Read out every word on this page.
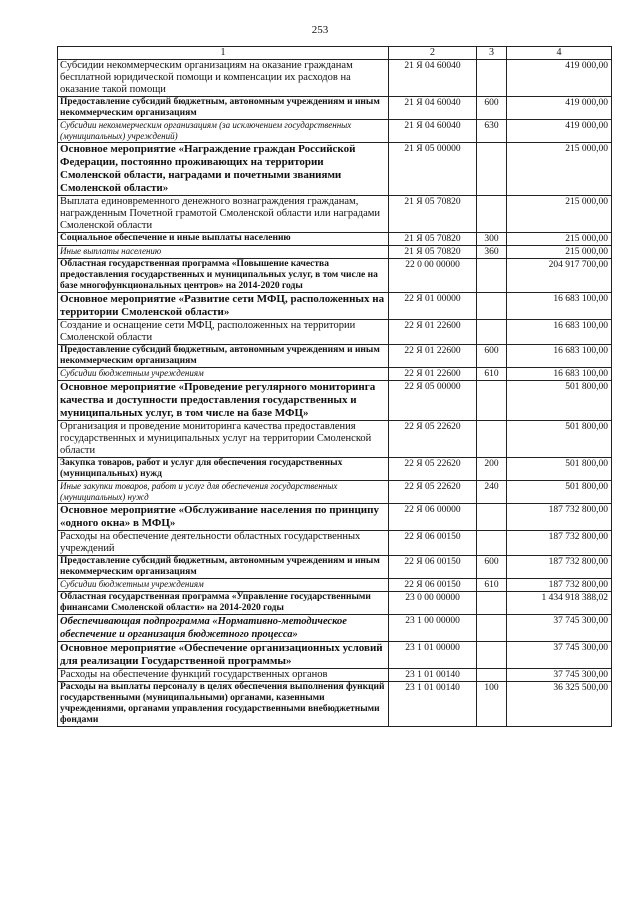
253
1	2	3	4
Субсидии некоммерческим организациям на оказание гражданам бесплатной юридической помощи и компенсации их расходов на оказание такой помощи	21 Я 04 60040		419 000,00
Предоставление субсидий бюджетным, автономным учреждениям и иным некоммерческим организациям	21 Я 04 60040	600	419 000,00
Субсидии некоммерческим организациям (за исключением государственных (муниципальных) учреждений)	21 Я 04 60040	630	419 000,00
Основное мероприятие «Награждение граждан Российской Федерации, постоянно проживающих на территории Смоленской области, наградами и почетными званиями Смоленской области»	21 Я 05 00000		215 000,00
Выплата единовременного денежного вознаграждения гражданам, награжденным Почетной грамотой Смоленской области или наградами Смоленской области	21 Я 05 70820		215 000,00
Социальное обеспечение и иные выплаты населению	21 Я 05 70820	300	215 000,00
Иные выплаты населению	21 Я 05 70820	360	215 000,00
Областная государственная программа «Повышение качества предоставления государственных и муниципальных услуг, в том числе на базе многофункциональных центров» на 2014-2020 годы	22 0 00 00000		204 917 700,00
Основное мероприятие «Развитие сети МФЦ, расположенных на территории Смоленской области»	22 Я 01 00000		16 683 100,00
Создание и оснащение сети МФЦ, расположенных на территории Смоленской области	22 Я 01 22600		16 683 100,00
Предоставление субсидий бюджетным, автономным учреждениям и иным некоммерческим организациям	22 Я 01 22600	600	16 683 100,00
Субсидии бюджетным учреждениям	22 Я 01 22600	610	16 683 100,00
Основное мероприятие «Проведение регулярного мониторинга качества и доступности предоставления государственных и муниципальных услуг, в том числе на базе МФЦ»	22 Я 05 00000		501 800,00
Организация и проведение мониторинга качества предоставления государственных и муниципальных услуг на территории Смоленской области	22 Я 05 22620		501 800,00
Закупка товаров, работ и услуг для обеспечения государственных (муниципальных) нужд	22 Я 05 22620	200	501 800,00
Иные закупки товаров, работ и услуг для обеспечения государственных (муниципальных) нужд	22 Я 05 22620	240	501 800,00
Основное мероприятие «Обслуживание населения по принципу «одного окна» в МФЦ»	22 Я 06 00000		187 732 800,00
Расходы на обеспечение деятельности областных государственных учреждений	22 Я 06 00150		187 732 800,00
Предоставление субсидий бюджетным, автономным учреждениям и иным некоммерческим организациям	22 Я 06 00150	600	187 732 800,00
Субсидии бюджетным учреждениям	22 Я 06 00150	610	187 732 800,00
Областная государственная программа «Управление государственными финансами Смоленской области» на 2014-2020 годы	23 0 00 00000		1 434 918 388,02
Обеспечивающая подпрограмма «Нормативно-методическое обеспечение и организация бюджетного процесса»	23 1 00 00000		37 745 300,00
Основное мероприятие «Обеспечение организационных условий для реализации Государственной программы»	23 1 01 00000		37 745 300,00
Расходы на обеспечение функций государственных органов	23 1 01 00140		37 745 300,00
Расходы на выплаты персоналу в целях обеспечения выполнения функций государственными (муниципальными) органами, казенными учреждениями, органами управления государственными внебюджетными фондами	23 1 01 00140	100	36 325 500,00
